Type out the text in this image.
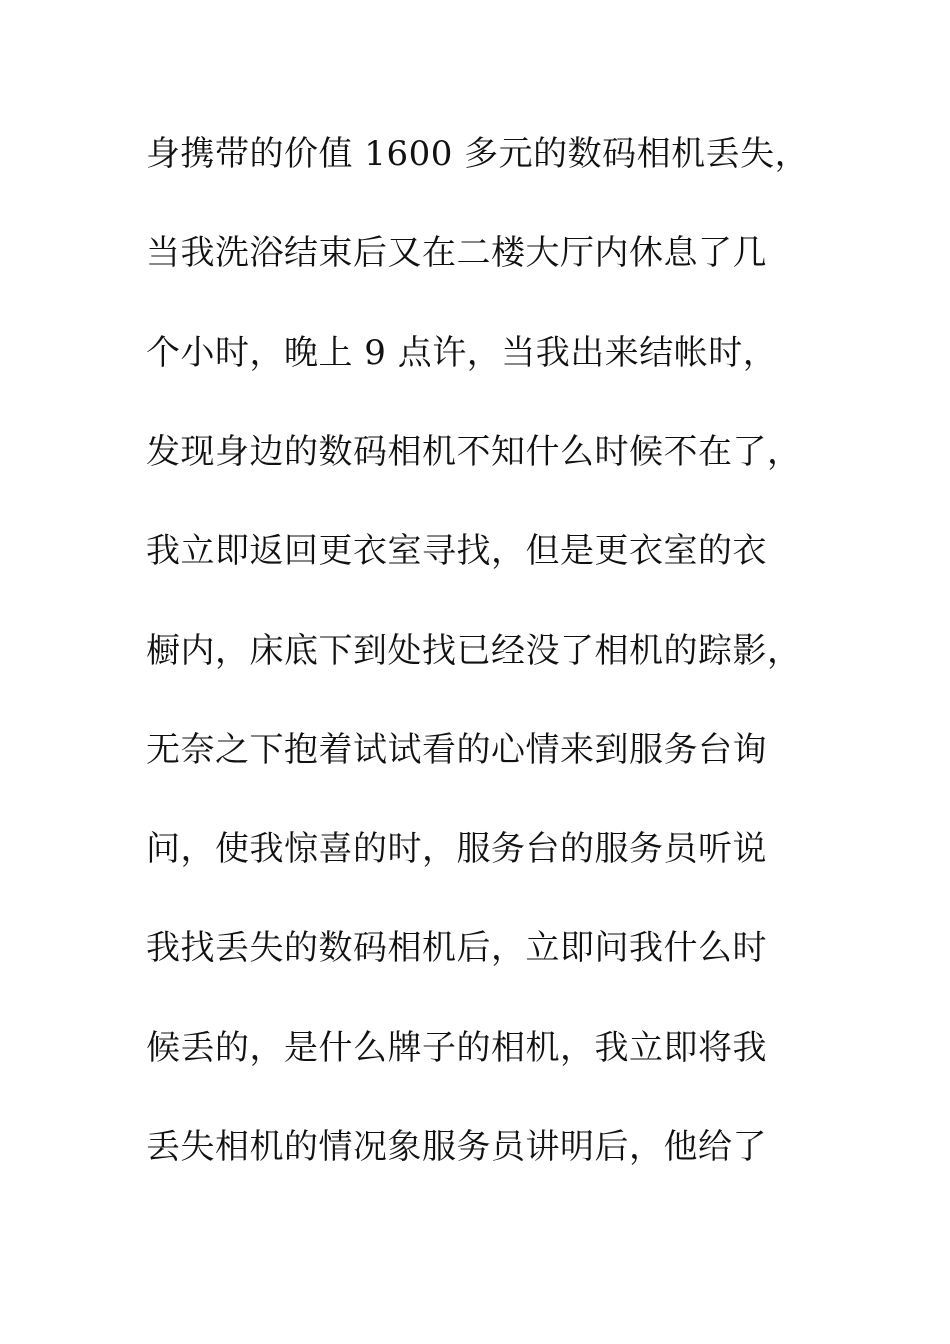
身携带的价值 1600 多元的数码相机丢失，
当我洗浴结束后又在二楼大厅内休息了几
个小时，晚上 9 点许，当我出来结帐时，
发现身边的数码相机不知什么时候不在了，
我立即返回更衣室寻找，但是更衣室的衣
橱内，床底下到处找已经没了相机的踪影，
无奈之下抱着试试看的心情来到服务台询
问，使我惊喜的时，服务台的服务员听说
我找丢失的数码相机后，立即问我什么时
候丢的，是什么牌子的相机，我立即将我
丢失相机的情况象服务员讲明后，他给了
